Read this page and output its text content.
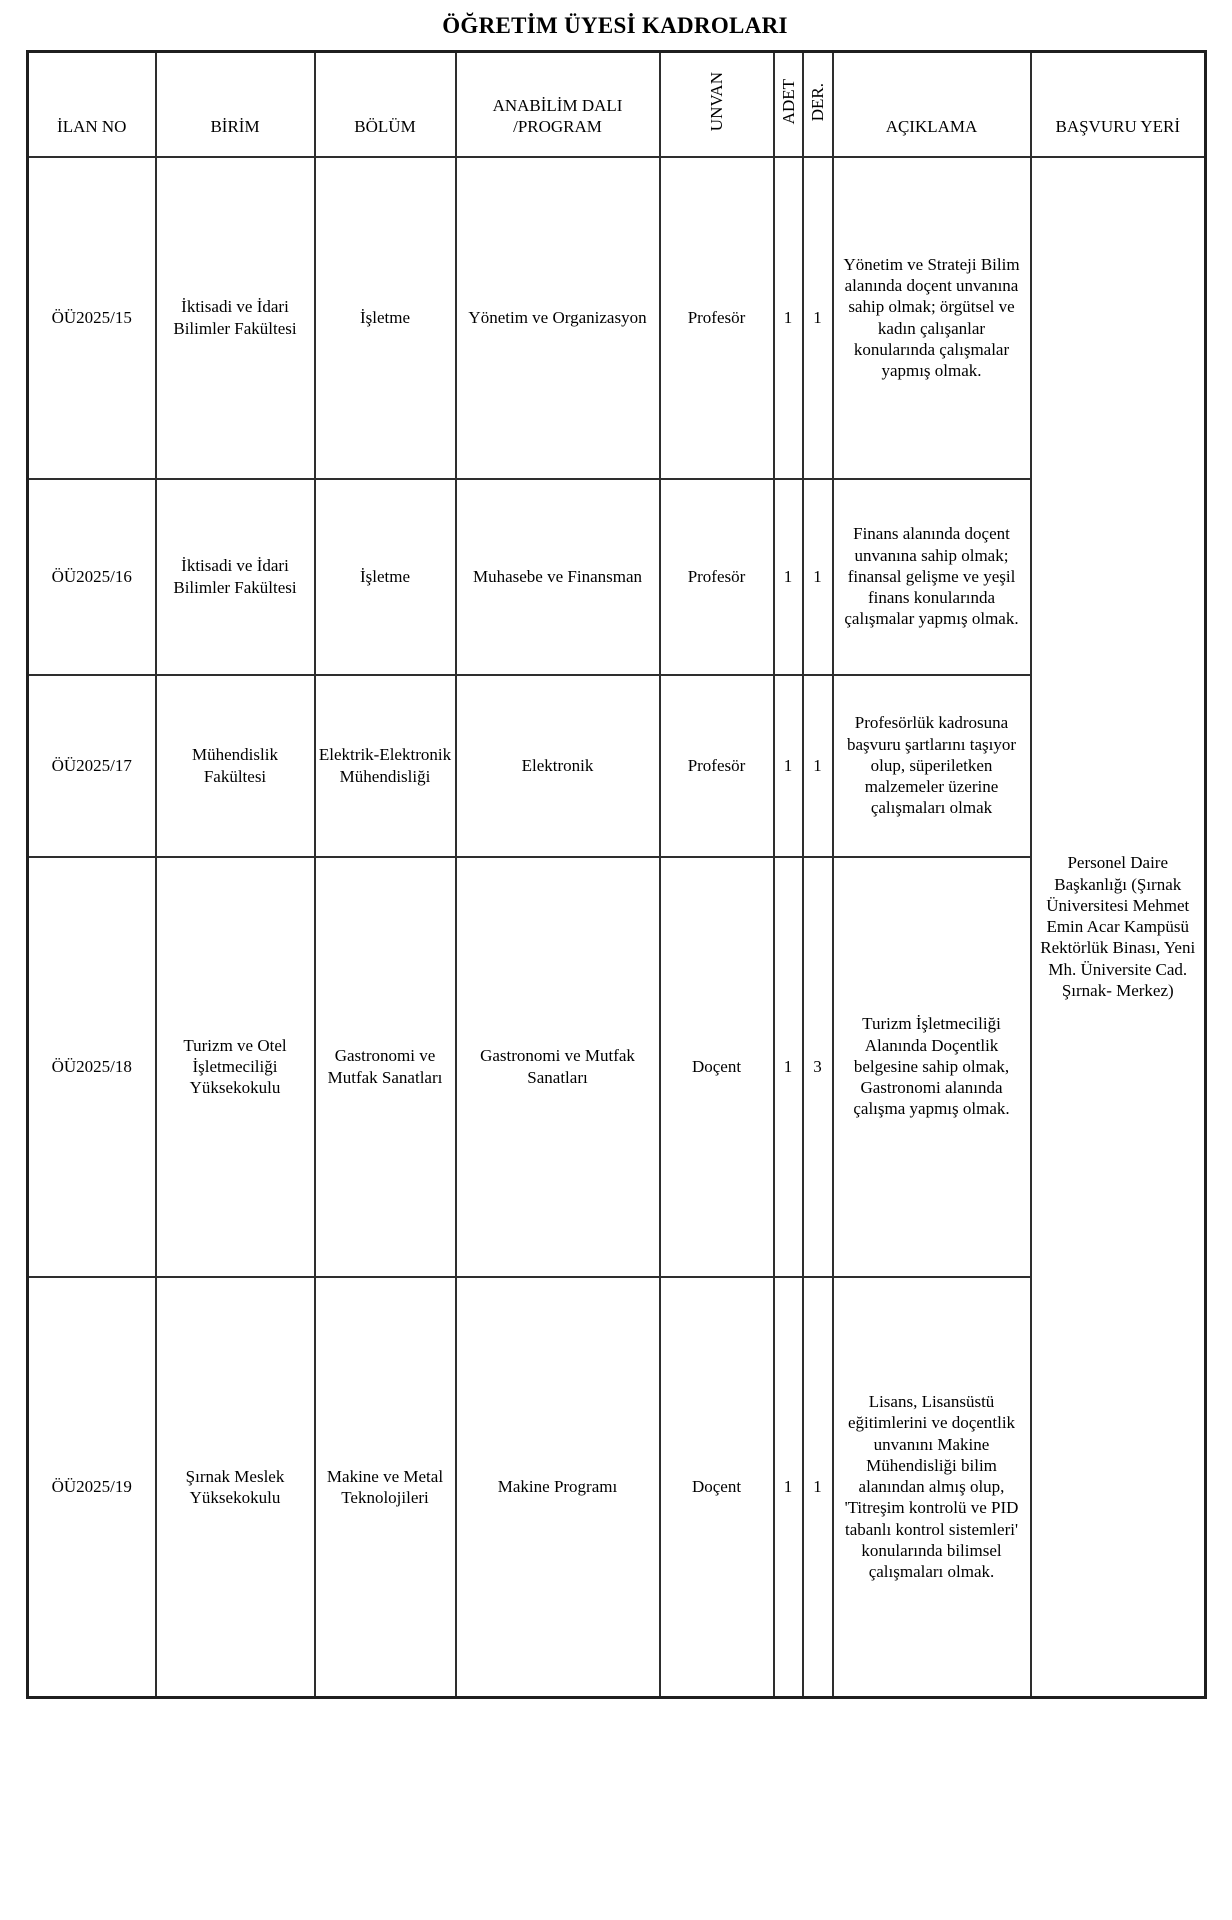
ÖĞRETİM ÜYESİ KADROLARI
İLAN NO	BİRİM	BÖLÜM	ANABİLİM DALI
/PROGRAM	UNVAN	ADET	DER.	AÇIKLAMA	BAŞVURU YERİ
ÖÜ2025/15	İktisadi ve İdari Bilimler Fakültesi	İşletme	Yönetim ve Organizasyon	Profesör	1	1	Yönetim ve Strateji Bilim alanında doçent unvanına sahip olmak; örgütsel ve kadın çalışanlar konularında çalışmalar yapmış olmak.	Personel Daire Başkanlığı (Şırnak Üniversitesi Mehmet Emin Acar Kampüsü Rektörlük Binası, Yeni Mh. Üniversite Cad. Şırnak- Merkez)
ÖÜ2025/16	İktisadi ve İdari Bilimler Fakültesi	İşletme	Muhasebe ve Finansman	Profesör	1	1	Finans alanında doçent unvanına sahip olmak; finansal gelişme ve yeşil finans konularında çalışmalar yapmış olmak.	
ÖÜ2025/17	Mühendislik Fakültesi	Elektrik-Elektronik Mühendisliği	Elektronik	Profesör	1	1	Profesörlük kadrosuna başvuru şartlarını taşıyor olup, süperiletken malzemeler üzerine çalışmaları olmak	
ÖÜ2025/18	Turizm ve Otel İşletmeciliği Yüksekokulu	Gastronomi ve Mutfak Sanatları	Gastronomi ve Mutfak Sanatları	Doçent	1	3	Turizm İşletmeciliği Alanında Doçentlik belgesine sahip olmak, Gastronomi alanında çalışma yapmış olmak.	
ÖÜ2025/19	Şırnak Meslek Yüksekokulu	Makine ve Metal Teknolojileri	Makine Programı	Doçent	1	1	Lisans, Lisansüstü eğitimlerini ve doçentlik unvanını Makine Mühendisliği bilim alanından almış olup, 'Titreşim kontrolü ve PID tabanlı kontrol sistemleri' konularında bilimsel çalışmaları olmak.	
